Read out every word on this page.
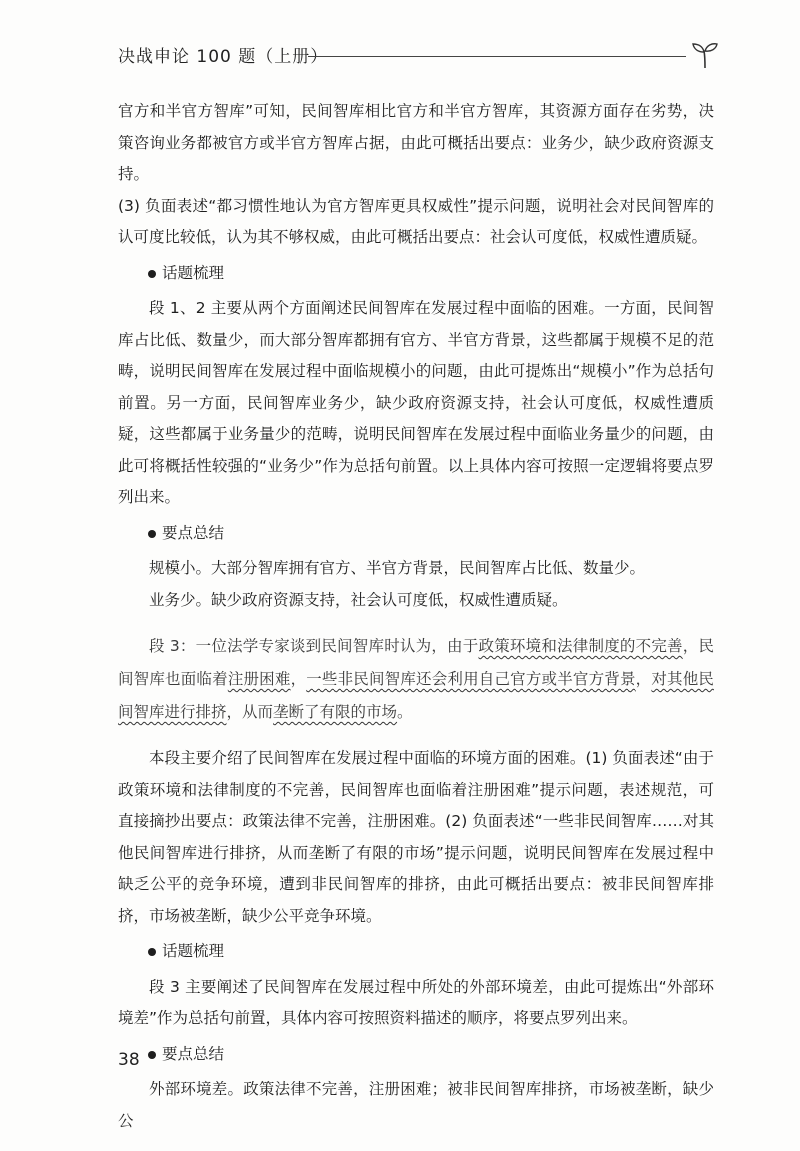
决战申论 100 题（上册）

官方和半官方智库”可知，民间智库相比官方和半官方智库，其资源方面存在劣势，决策咨询业务都被官方或半官方智库占据，由此可概括出要点：业务少，缺少政府资源支持。

(3) 负面表述“都习惯性地认为官方智库更具权威性”提示问题，说明社会对民间智库的认可度比较低，认为其不够权威，由此可概括出要点：社会认可度低，权威性遭质疑。

话题梳理

段 1、2 主要从两个方面阐述民间智库在发展过程中面临的困难。一方面，民间智库占比低、数量少，而大部分智库都拥有官方、半官方背景，这些都属于规模不足的范畴，说明民间智库在发展过程中面临规模小的问题，由此可提炼出“规模小”作为总括句前置。另一方面，民间智库业务少，缺少政府资源支持，社会认可度低，权威性遭质疑，这些都属于业务量少的范畴，说明民间智库在发展过程中面临业务量少的问题，由此可将概括性较强的“业务少”作为总括句前置。以上具体内容可按照一定逻辑将要点罗列出来。

要点总结

规模小。大部分智库拥有官方、半官方背景，民间智库占比低、数量少。

业务少。缺少政府资源支持，社会认可度低，权威性遭质疑。

段 3：一位法学专家谈到民间智库时认为，由于政策环境和法律制度的不完善，民间智库也面临着注册困难，一些非民间智库还会利用自己官方或半官方背景，对其他民间智库进行排挤，从而垄断了有限的市场。

本段主要介绍了民间智库在发展过程中面临的环境方面的困难。(1) 负面表述“由于政策环境和法律制度的不完善，民间智库也面临着注册困难”提示问题，表述规范，可直接摘抄出要点：政策法律不完善，注册困难。(2) 负面表述“一些非民间智库……对其他民间智库进行排挤，从而垄断了有限的市场”提示问题，说明民间智库在发展过程中缺乏公平的竞争环境，遭到非民间智库的排挤，由此可概括出要点：被非民间智库排挤，市场被垄断，缺少公平竞争环境。

话题梳理

段 3 主要阐述了民间智库在发展过程中所处的外部环境差，由此可提炼出“外部环境差”作为总括句前置，具体内容可按照资料描述的顺序，将要点罗列出来。

要点总结

外部环境差。政策法律不完善，注册困难；被非民间智库排挤，市场被垄断，缺少公

38
